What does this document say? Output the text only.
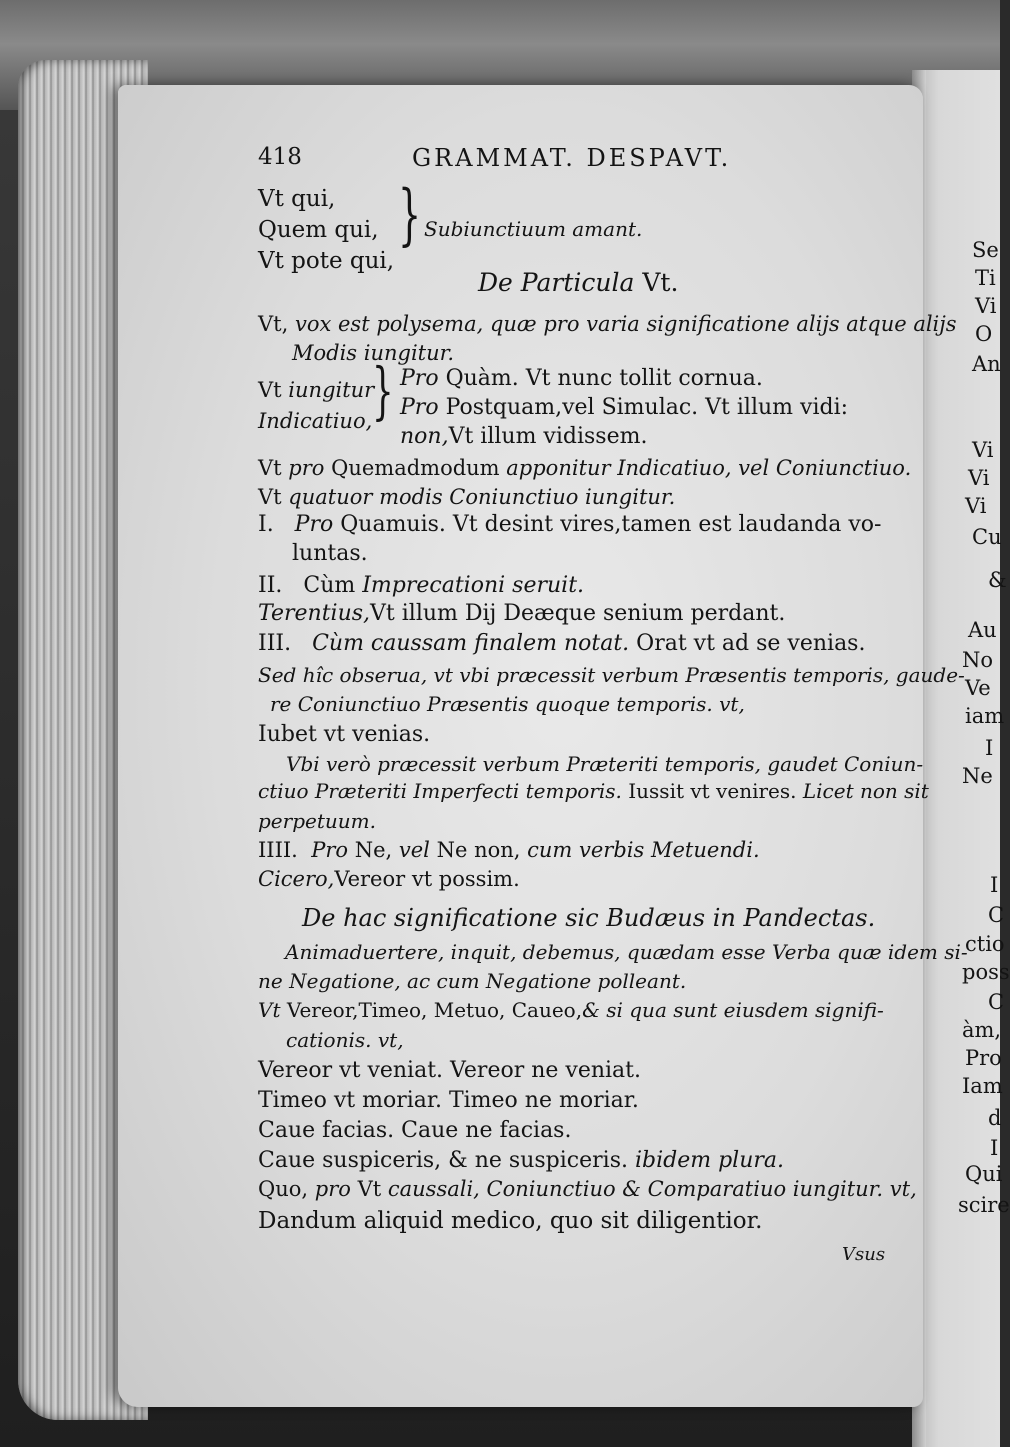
418	GRAMMAT. DESPAVT.
Vt qui,
Quem qui,
Vt pote qui,
} Subiunctiuum amant.
De Particula Vt.
Vt, vox est polysema, quæ pro varia significatione alijs atque alijs
Modis iungitur.
Vt iungitur
Indicatiuo, } Pro Quàm. Vt nunc tollit cornua.
Pro Postquam,vel Simulac. Vt illum vidi:
non,Vt illum vidissem.
Vt pro Quemadmodum apponitur Indicatiuo, vel Coniunctiuo.
Vt quatuor modis Coniunctiuo iungitur.
I. Pro Quamuis. Vt desint vires,tamen est laudanda vo-
luntas.
II. Cùm Imprecationi seruit.
Terentius,Vt illum Dij Deæque senium perdant.
III. Cùm caussam finalem notat. Orat vt ad se venias.
Sed hîc obserua, vt vbi præcessit verbum Præsentis temporis, gaude-
re Coniunctiuo Præsentis quoque temporis. vt,
Iubet vt venias.
Vbi verò præcessit verbum Præteriti temporis, gaudet Coniun-
ctiuo Præteriti Imperfecti temporis. Iussit vt venires. Licet non sit
perpetuum.
IIII. Pro Ne, vel Ne non, cum verbis Metuendi.
Cicero,Vereor vt possim.
De hac significatione sic Budæus in Pandectas.
Animaduertere, inquit, debemus, quædam esse Verba quæ idem si-
ne Negatione, ac cum Negatione polleant.
Vt Vereor,Timeo, Metuo, Caueo,& si qua sunt eiusdem signifi-
cationis. vt,
Vereor vt veniat. Vereor ne veniat.
Timeo vt moriar. Timeo ne moriar.
Caue facias. Caue ne facias.
Caue suspiceris, & ne suspiceris. ibidem plura.
Quo, pro Vt caussali, Coniunctiuo & Comparatiuo iungitur. vt,
Dandum aliquid medico, quo sit diligentior.
Vsus
Se
Ti
Vi
O
An
Vi
Vi
Vi
Cu
&
Au
No
Ve
iam
I
Ne
I
C
ctio
poss
C
àm,
Pro
Iam
d
I
Qui
scire
